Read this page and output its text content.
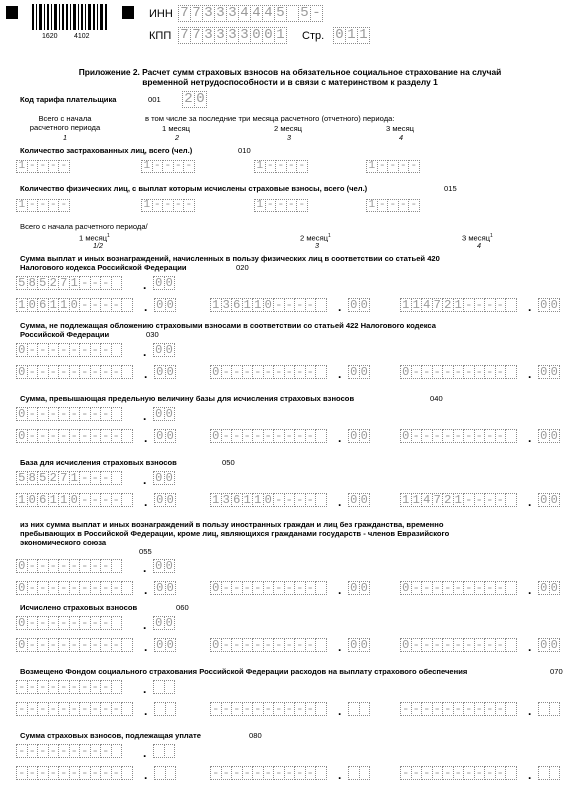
1620 4102
ИНН 7 7 3 3 3 4 4 4 5 5 -
КПП 7 7 3 3 3 3 0 0 1 Стр. 0 1 1
Приложение 2. Расчет сумм страховых взносов на обязательное социальное страхование на случай
временной нетрудоспособности и в связи с материнством к разделу 1
Код тарифа плательщика	001 2 0
Всего с начала
расчетного периода
1
в том числе за последние три месяца расчетного (отчетного) периода:
1 месяц
2
2 месяц
3
3 месяц
4
Количество застрахованных лиц, всего (чел.)	010
1 - - - -	1 - - - -	1 - - - -	1 - - - -
Количество физических лиц, с выплат которым исчислены страховые взносы, всего (чел.)	015
1 - - - -	1 - - - -	1 - - - -	1 - - - -
Всего с начала расчетного периода/
1 месяц$^1$
1/2
2 месяц$^1$
3
3 месяц$^1$
4
Сумма выплат и иных вознаграждений, начисленных в пользу физических лиц в соответствии со статьей 420
Налогового кодекса Российской Федерации	020
5 8 5 2 7 1 - - -	. 0 0
1 0 6 1 1 0 - - - - . 0 0	1 3 6 1 1 0 - - - - . 0 0	1 1 4 7 2 1 - - - - . 0 0
Сумма, не подлежащая обложению страховыми взносами в соответствии со статьей 422 Налогового кодекса
Российской Федерации	030
0 - - - - - - - -	. 0 0
0 - - - - - - - - - . 0 0	0 - - - - - - - - - . 0 0	0 - - - - - - - - - . 0 0
Сумма, превышающая предельную величину базы для исчисления страховых взносов	040
0 - - - - - - - -	. 0 0
0 - - - - - - - - - . 0 0	0 - - - - - - - - - . 0 0	0 - - - - - - - - - . 0 0
База для исчисления страховых взносов	050
5 8 5 2 7 1 - - -	. 0 0
1 0 6 1 1 0 - - - - . 0 0	1 3 6 1 1 0 - - - - . 0 0	1 1 4 7 2 1 - - - - . 0 0
из них сумма выплат и иных вознаграждений в пользу иностранных граждан и лиц без гражданства, временно
пребывающих в Российской Федерации, кроме лиц, являющихся гражданами государств - членов Евразийского
экономического союза
055
0 - - - - - - - -	. 0 0
0 - - - - - - - - - . 0 0	0 - - - - - - - - - . 0 0	0 - - - - - - - - - . 0 0
Исчислено страховых взносов	060
0 - - - - - - - -	. 0 0
0 - - - - - - - - - . 0 0	0 - - - - - - - - - . 0 0	0 - - - - - - - - - . 0 0
Возмещено Фондом социального страхования Российской Федерации расходов на выплату страхового обеспечения	070
- - - - - - - - -	.
- - - - - - - - - - .	- - - - - - - - - - .	- - - - - - - - - - .
Сумма страховых взносов, подлежащая уплате	080
- - - - - - - - -	.
- - - - - - - - - - .	- - - - - - - - - - .	- - - - - - - - - - .
